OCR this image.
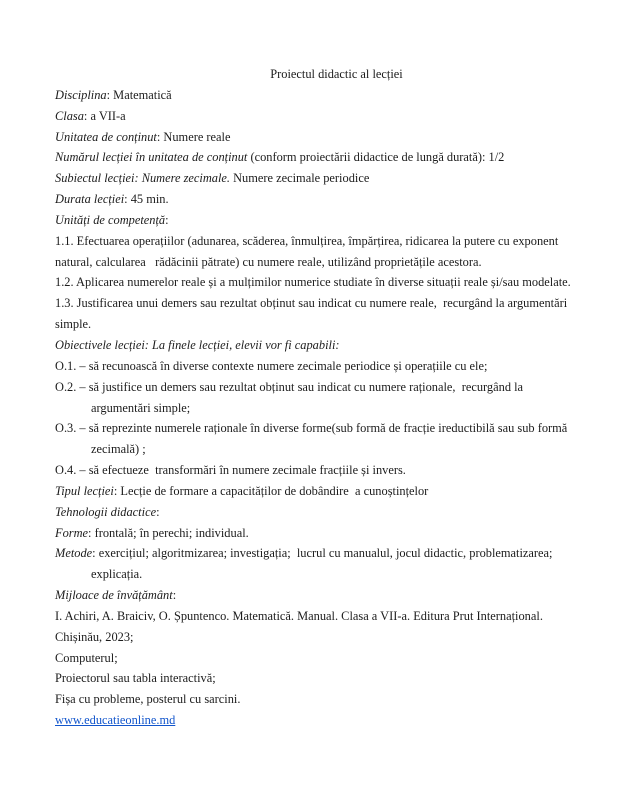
Proiectul didactic al lecției
Disciplina: Matematică
Clasa: a VII-a
Unitatea de conținut: Numere reale
Numărul lecției în unitatea de conținut (conform proiectării didactice de lungă durată): 1/2
Subiectul lecției: Numere zecimale. Numere zecimale periodice
Durata lecției: 45 min.
Unități de competență:
1.1. Efectuarea operațiilor (adunarea, scăderea, înmulțirea, împărțirea, ridicarea la putere cu exponent
natural, calcularea   rădăcinii pătrate) cu numere reale, utilizând proprietățile acestora.
1.2. Aplicarea numerelor reale și a mulțimilor numerice studiate în diverse situații reale și/sau modelate.
1.3. Justificarea unui demers sau rezultat obținut sau indicat cu numere reale,  recurgând la argumentări
simple.
Obiectivele lecției: La finele lecției, elevii vor fi capabili:
O.1. – să recunoască în diverse contexte numere zecimale periodice și operațiile cu ele;
O.2. – să justifice un demers sau rezultat obținut sau indicat cu numere raționale,  recurgând la
argumentări simple;
O.3. – să reprezinte numerele raționale în diverse forme(sub formă de fracție ireductibilă sau sub formă
zecimală) ;
O.4. – să efectueze  transformări în numere zecimale fracțiile și invers.
Tipul lecției: Lecție de formare a capacităților de dobândire  a cunoștințelor
Tehnologii didactice:
Forme: frontală; în perechi; individual.
Metode: exercițiul; algoritmizarea; investigația;  lucrul cu manualul, jocul didactic, problematizarea;
explicația.
Mijloace de învățământ:
I. Achiri, A. Braiciv, O. Șpuntenco. Matematică. Manual. Clasa a VII-a. Editura Prut Internațional.
Chișinău, 2023;
Computerul;
Proiectorul sau tabla interactivă;
Fișa cu probleme, posterul cu sarcini.
www.educatieonline.md
